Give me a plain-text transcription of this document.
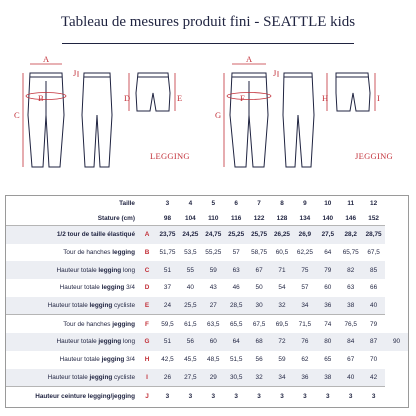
Tableau de mesures produit fini - SEATTLE kids
A
J
B
C
D	E
LEGGING
A
J
F
G
H	I
JEGGING
Taille		3	4	5	6	7	8	9	10	11	12	
Stature (cm)		98	104	110	116	122	128	134	140	146	152	
1/2 tour de taille élastiqué	A	23,75	24,25	24,75	25,25	25,75	26,25	26,9	27,5	28,2	28,75	
Tour de hanches legging	B	51,75	53,5	55,25	57	58,75	60,5	62,25	64	65,75	67,5	
Hauteur totale legging long	C	51	55	59	63	67	71	75	79	82	85	
Hauteur totale legging 3/4	D	37	40	43	46	50	54	57	60	63	66	
Hauteur totale legging cycliste	E	24	25,5	27	28,5	30	32	34	36	38	40	
Tour de hanches jegging	F	59,5	61,5	63,5	65,5	67,5	69,5	71,5	74	76,5	79	
Hauteur totale jegging long	G	51	56	60	64	68	72	76	80	84	87	90
Hauteur totale jegging 3/4	H	42,5	45,5	48,5	51,5	56	59	62	65	67	70	
Hauteur totale jegging cycliste	I	26	27,5	29	30,5	32	34	36	38	40	42	
Hauteur ceinture legging/jegging	J	3	3	3	3	3	3	3	3	3	3	
